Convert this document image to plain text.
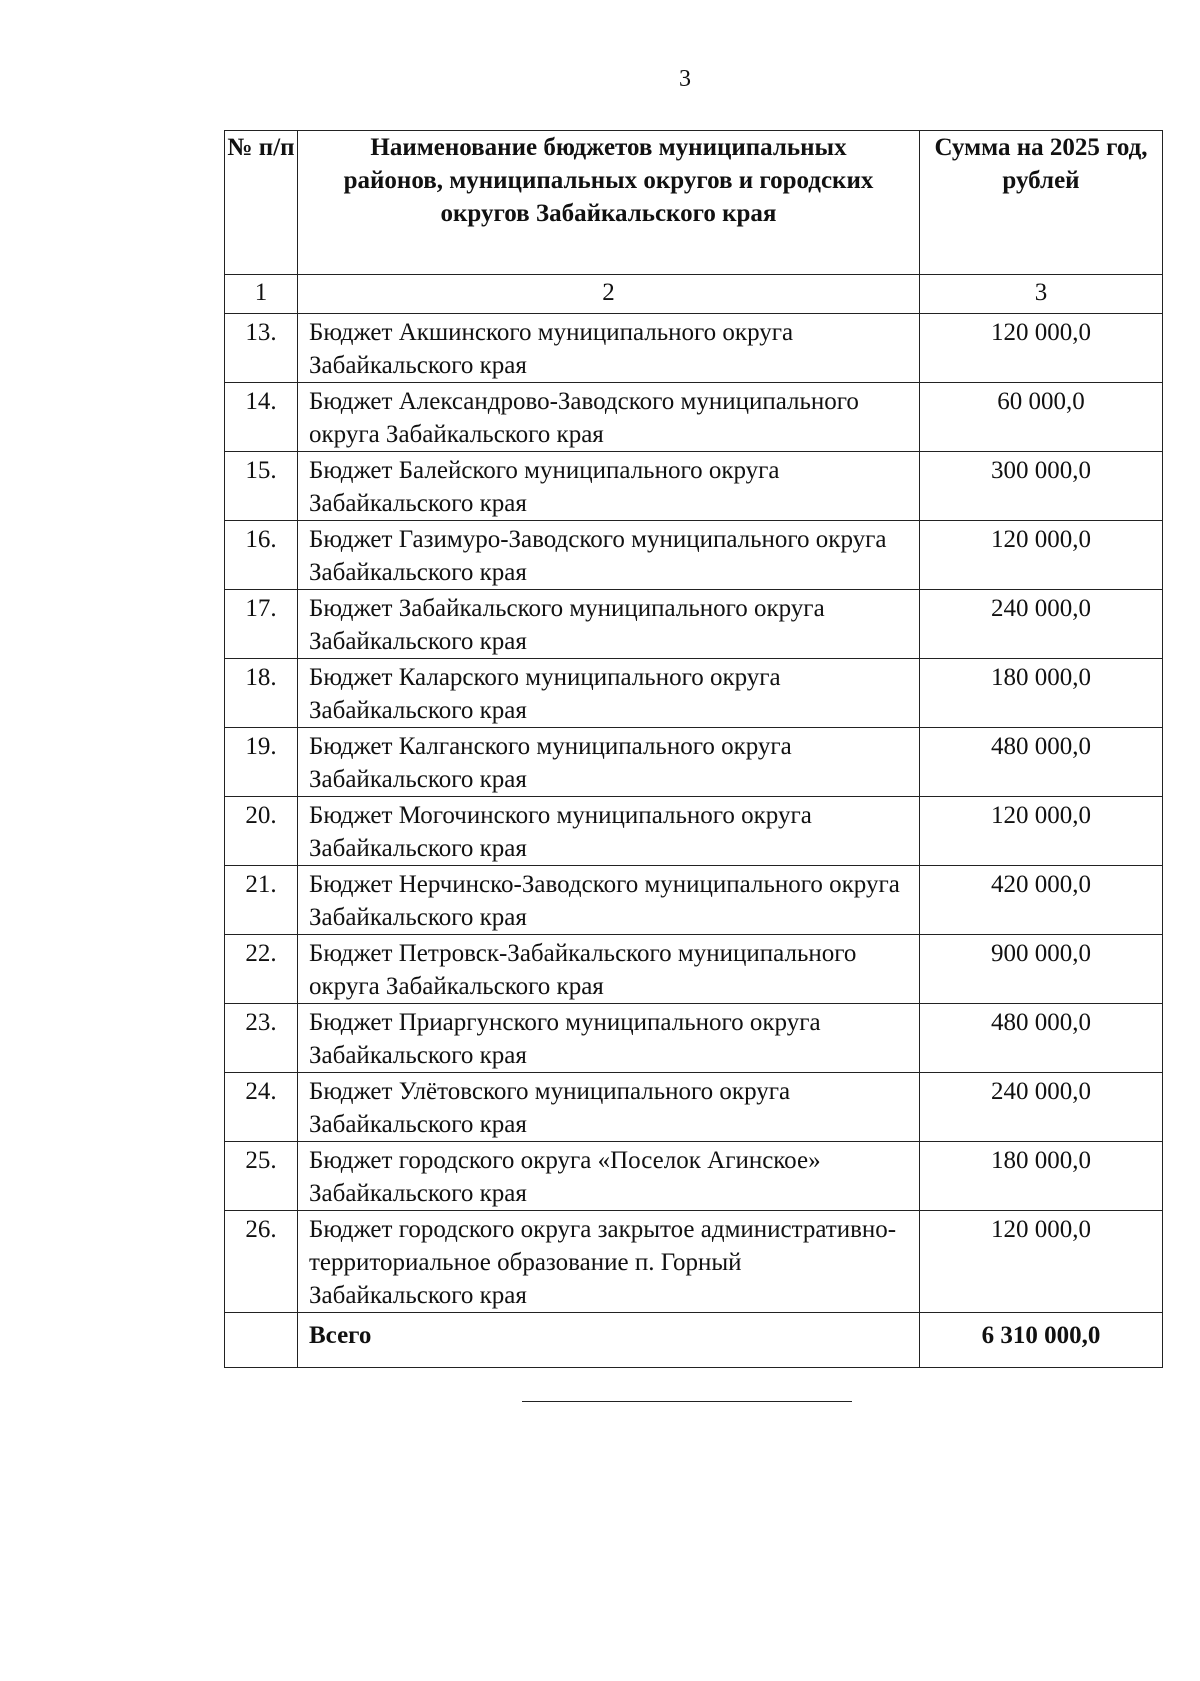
3
№ п/п	Наименование бюджетов муниципальных районов, муниципальных округов и городских округов Забайкальского края	Сумма на 2025 год, рублей
1	2	3
13.	Бюджет Акшинского муниципального округа Забайкальского края	120 000,0
14.	Бюджет Александрово-Заводского муниципального округа Забайкальского края	60 000,0
15.	Бюджет Балейского муниципального округа Забайкальского края	300 000,0
16.	Бюджет Газимуро-Заводского муниципального округа Забайкальского края	120 000,0
17.	Бюджет Забайкальского муниципального округа Забайкальского края	240 000,0
18.	Бюджет Каларского муниципального округа Забайкальского края	180 000,0
19.	Бюджет Калганского муниципального округа Забайкальского края	480 000,0
20.	Бюджет Могочинского муниципального округа Забайкальского края	120 000,0
21.	Бюджет Нерчинско-Заводского муниципального округа Забайкальского края	420 000,0
22.	Бюджет Петровск-Забайкальского муниципального округа Забайкальского края	900 000,0
23.	Бюджет Приаргунского муниципального округа Забайкальского края	480 000,0
24.	Бюджет Улётовского муниципального округа Забайкальского края	240 000,0
25.	Бюджет городского округа «Поселок Агинское» Забайкальского края	180 000,0
26.	Бюджет городского округа закрытое административно-территориальное образование п. Горный Забайкальского края	120 000,0
	Всего	6 310 000,0
